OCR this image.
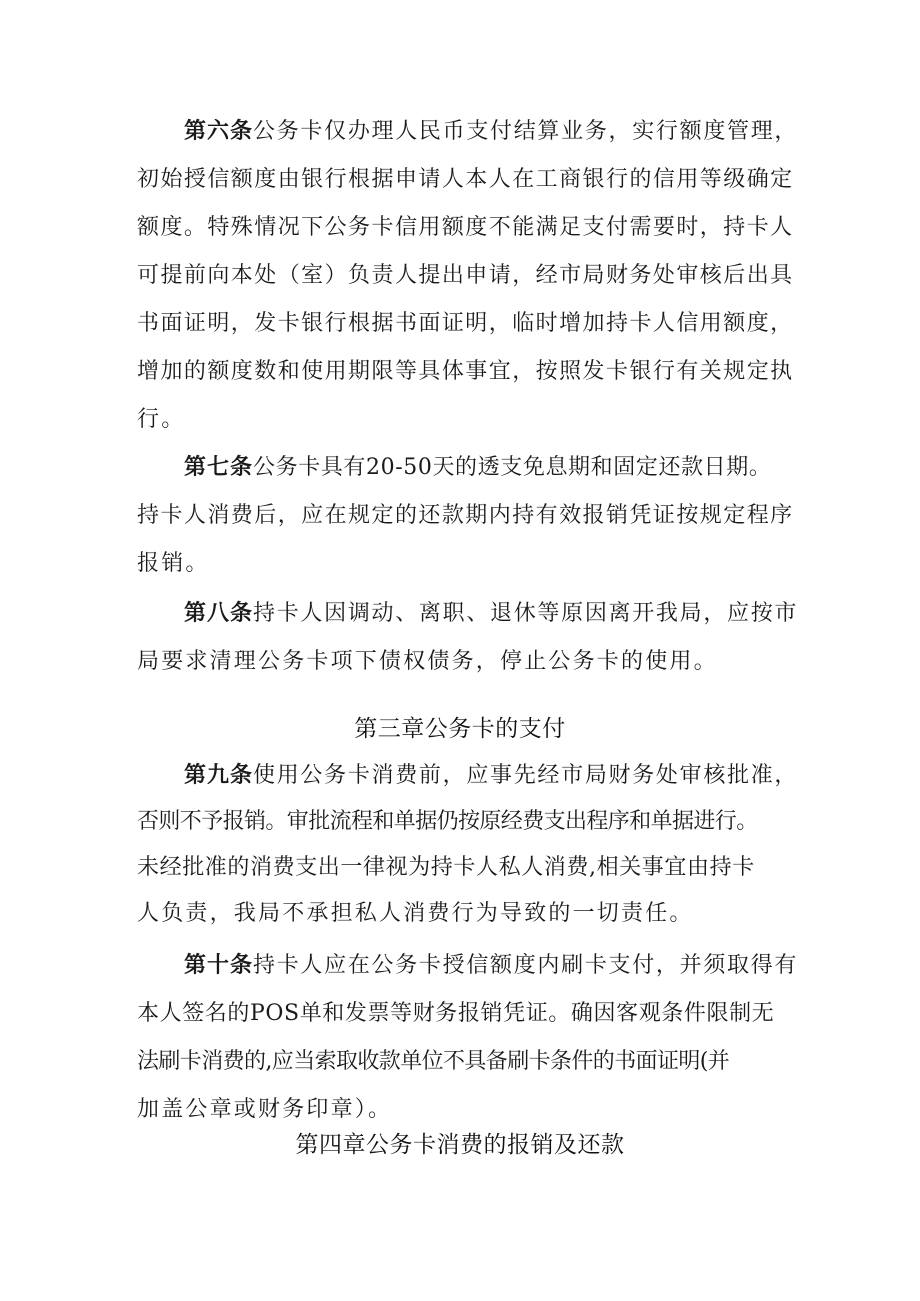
第六条公务卡仅办理人民币支付结算业务，实行额度管理，
初始授信额度由银行根据申请人本人在工商银行的信用等级确定
额度。特殊情况下公务卡信用额度不能满足支付需要时，持卡人
可提前向本处（室）负责人提出申请，经市局财务处审核后出具
书面证明，发卡银行根据书面证明，临时增加持卡人信用额度，
增加的额度数和使用期限等具体事宜，按照发卡银行有关规定执
行。
第七条公务卡具有20-50天的透支免息期和固定还款日期。
持卡人消费后，应在规定的还款期内持有效报销凭证按规定程序
报销。
第八条持卡人因调动、离职、退休等原因离开我局，应按市
局要求清理公务卡项下债权债务，停止公务卡的使用。
第三章公务卡的支付
第九条使用公务卡消费前，应事先经市局财务处审核批准，
否则不予报销。审批流程和单据仍按原经费支出程序和单据进行。
未经批准的消费支出一律视为持卡人私人消费,相关事宜由持卡
人负责，我局不承担私人消费行为导致的一切责任。
第十条持卡人应在公务卡授信额度内刷卡支付，并须取得有
本人签名的POS单和发票等财务报销凭证。确因客观条件限制无
法刷卡消费的,应当索取收款单位不具备刷卡条件的书面证明(并
加盖公章或财务印章）。
第四章公务卡消费的报销及还款
